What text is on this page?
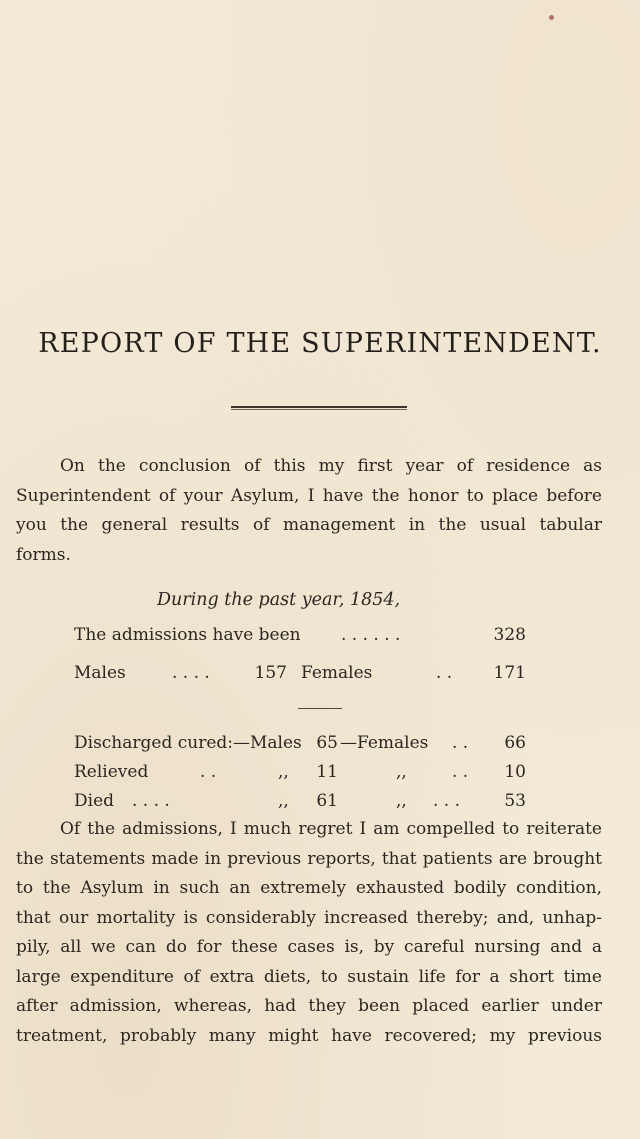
REPORT OF THE SUPERINTENDENT.
On the conclusion of this my first year of residence as
Superintendent of your Asylum, I have the honor to place before
you the general results of management in the usual tabular
forms.
During the past year, 1854,
The admissions have been . . . . . .	328
Males	. . . .	157 Females	. . 171
Discharged cured:—Males 65 —Females . .	66
Relieved	. .	,,	11	,,	. .	10
Died . . . .	,,	61	,, . . .	53
Of the admissions, I much regret I am compelled to reiterate
the statements made in previous reports, that patients are brought
to the Asylum in such an extremely exhausted bodily condition,
that our mortality is considerably increased thereby; and, unhap-
pily, all we can do for these cases is, by careful nursing and a
large expenditure of extra diets, to sustain life for a short time
after admission, whereas, had they been placed earlier under
treatment, probably many might have recovered; my previous
